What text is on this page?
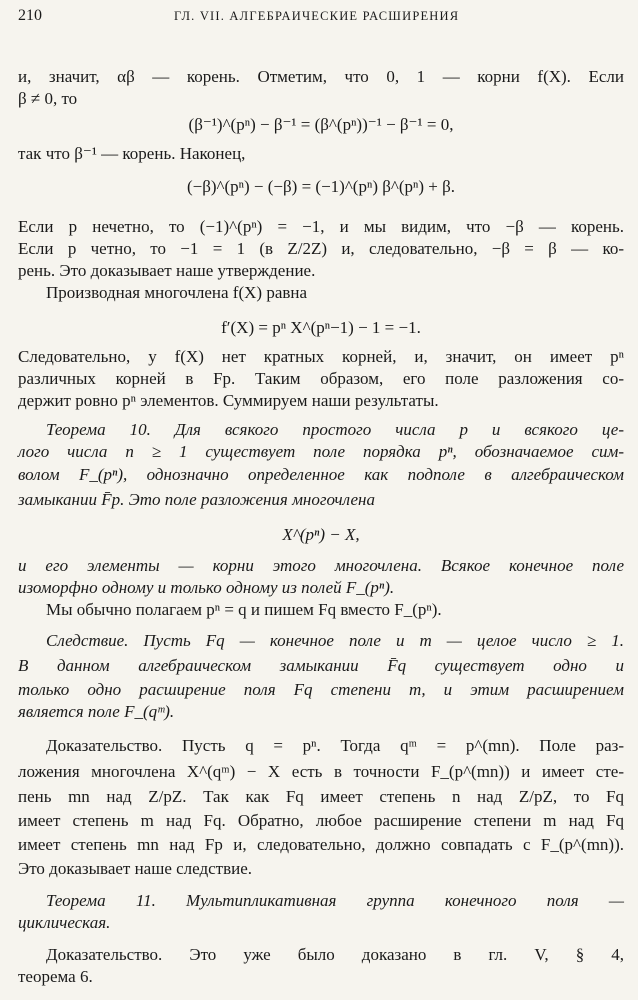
210	ГЛ. VII. АЛГЕБРАИЧЕСКИЕ РАСШИРЕНИЯ
и, значит, αβ — корень. Отметим, что 0, 1 — корни f(X). Если
β ≠ 0, то
(β⁻¹)^(pⁿ) − β⁻¹ = (β^(pⁿ))⁻¹ − β⁻¹ = 0,
так что β⁻¹ — корень. Наконец,
(−β)^(pⁿ) − (−β) = (−1)^(pⁿ) β^(pⁿ) + β.
Если p нечетно, то (−1)^(pⁿ) = −1, и мы видим, что −β — корень.
Если p четно, то −1 = 1 (в Z/2Z) и, следовательно, −β = β — ко-
рень. Это доказывает наше утверждение.
Производная многочлена f(X) равна
f′(X) = pⁿ X^(pⁿ−1) − 1 = −1.
Следовательно, у f(X) нет кратных корней, и, значит, он имеет pⁿ
различных корней в Fp. Таким образом, его поле разложения со-
держит ровно pⁿ элементов. Суммируем наши результаты.
Теорема 10. Для всякого простого числа p и всякого це-
лого числа n ≥ 1 существует поле порядка pⁿ, обозначаемое сим-
волом F_(pⁿ), однозначно определенное как подполе в алгебраическом
замыкании F̄p. Это поле разложения многочлена
X^(pⁿ) − X,
и его элементы — корни этого многочлена. Всякое конечное поле
изоморфно одному и только одному из полей F_(pⁿ).
Мы обычно полагаем pⁿ = q и пишем Fq вместо F_(pⁿ).
Следствие. Пусть Fq — конечное поле и m — целое число ≥ 1.
В данном алгебраическом замыкании F̄q существует одно и
только одно расширение поля Fq степени m, и этим расширением
является поле F_(qᵐ).
Доказательство. Пусть q = pⁿ. Тогда qᵐ = p^(mn). Поле раз-
ложения многочлена X^(qᵐ) − X есть в точности F_(p^(mn)) и имеет сте-
пень mn над Z/pZ. Так как Fq имеет степень n над Z/pZ, то Fq
имеет степень m над Fq. Обратно, любое расширение степени m над Fq
имеет степень mn над Fp и, следовательно, должно совпадать с F_(p^(mn)).
Это доказывает наше следствие.
Теорема 11. Мультипликативная группа конечного поля —
циклическая.
Доказательство. Это уже было доказано в гл. V, § 4,
теорема 6.
